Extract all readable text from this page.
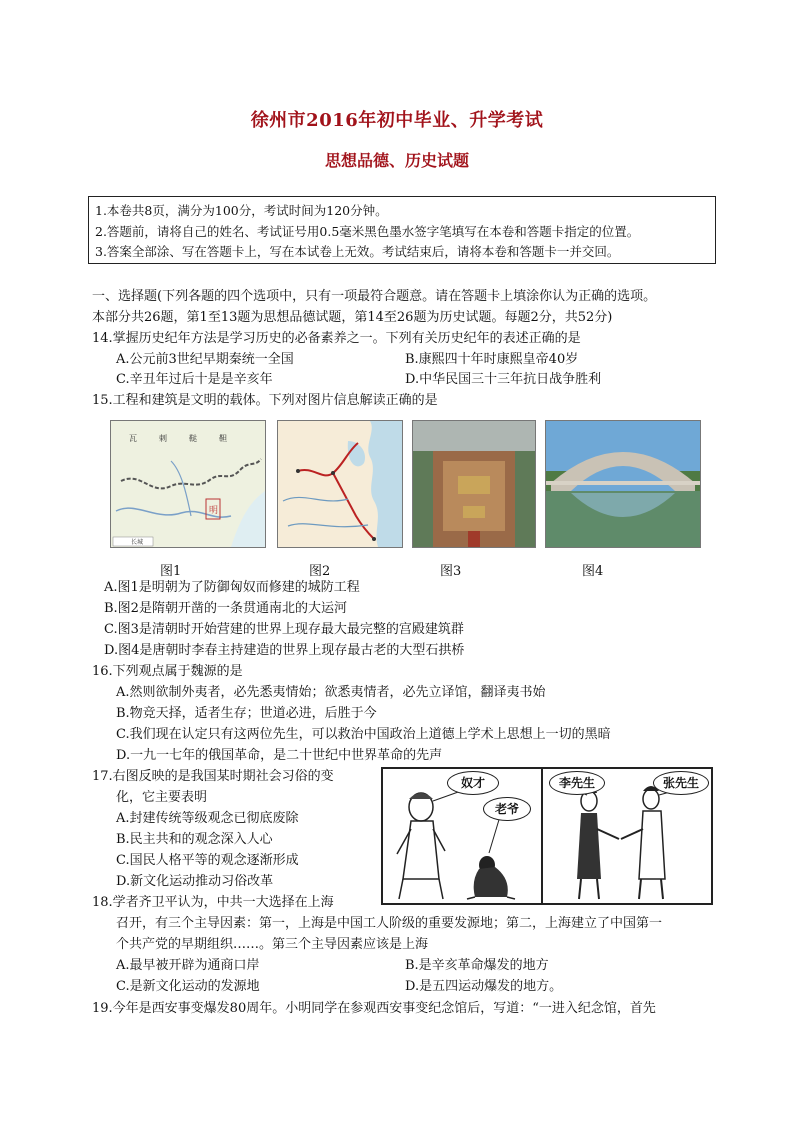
徐州市2016年初中毕业、升学考试
思想品德、历史试题
1.本卷共8页，满分为100分，考试时间为120分钟。
2.答题前，请将自己的姓名、考试证号用0.5毫米黑色墨水签字笔填写在本卷和答题卡指定的位置。
3.答案全部涂、写在答题卡上，写在本试卷上无效。考试结束后，请将本卷和答题卡一并交回。
一、选择题(下列各题的四个选项中，只有一项最符合题意。请在答题卡上填涂你认为正确的选项。
本部分共26题，第1至13题为思想品德试题，第14至26题为历史试题。每题2分，共52分)
14.掌握历史纪年方法是学习历史的必备素养之一。下列有关历史纪年的表述正确的是
A.公元前3世纪早期秦统一全国	B.康熙四十年时康熙皇帝40岁
C.辛丑年过后十是是辛亥年	D.中华民国三十三年抗日战争胜利
15.工程和建筑是文明的载体。下列对图片信息解读正确的是
瓦	剌	鞑	靼
明
长城
图1	图2	图3	图4
A.图1是明朝为了防御匈奴而修建的城防工程
B.图2是隋朝开凿的一条贯通南北的大运河
C.图3是清朝时开始营建的世界上现存最大最完整的宫殿建筑群
D.图4是唐朝时李春主持建造的世界上现存最古老的大型石拱桥
16.下列观点属于魏源的是
A.然则欲制外夷者，必先悉夷情始；欲悉夷情者，必先立译馆，翻译夷书始
B.物竞天择，适者生存；世道必进，后胜于今
C.我们现在认定只有这两位先生，可以救治中国政治上道德上学术上思想上一切的黑暗
D.一九一七年的俄国革命，是二十世纪中世界革命的先声
17.右图反映的是我国某时期社会习俗的变
化，它主要表明
A.封建传统等级观念已彻底废除
B.民主共和的观念深入人心
C.国民人格平等的观念逐渐形成
D.新文化运动推动习俗改革
奴才
老爷
李先生	张先生
18.学者齐卫平认为，中共一大选择在上海
召开，有三个主导因素：第一，上海是中国工人阶级的重要发源地；第二，上海建立了中国第一
个共产党的早期组织……。第三个主导因素应该是上海
A.最早被开辟为通商口岸	B.是辛亥革命爆发的地方
C.是新文化运动的发源地	D.是五四运动爆发的地方。
19.今年是西安事变爆发80周年。小明同学在参观西安事变纪念馆后，写道：“一进入纪念馆，首先
